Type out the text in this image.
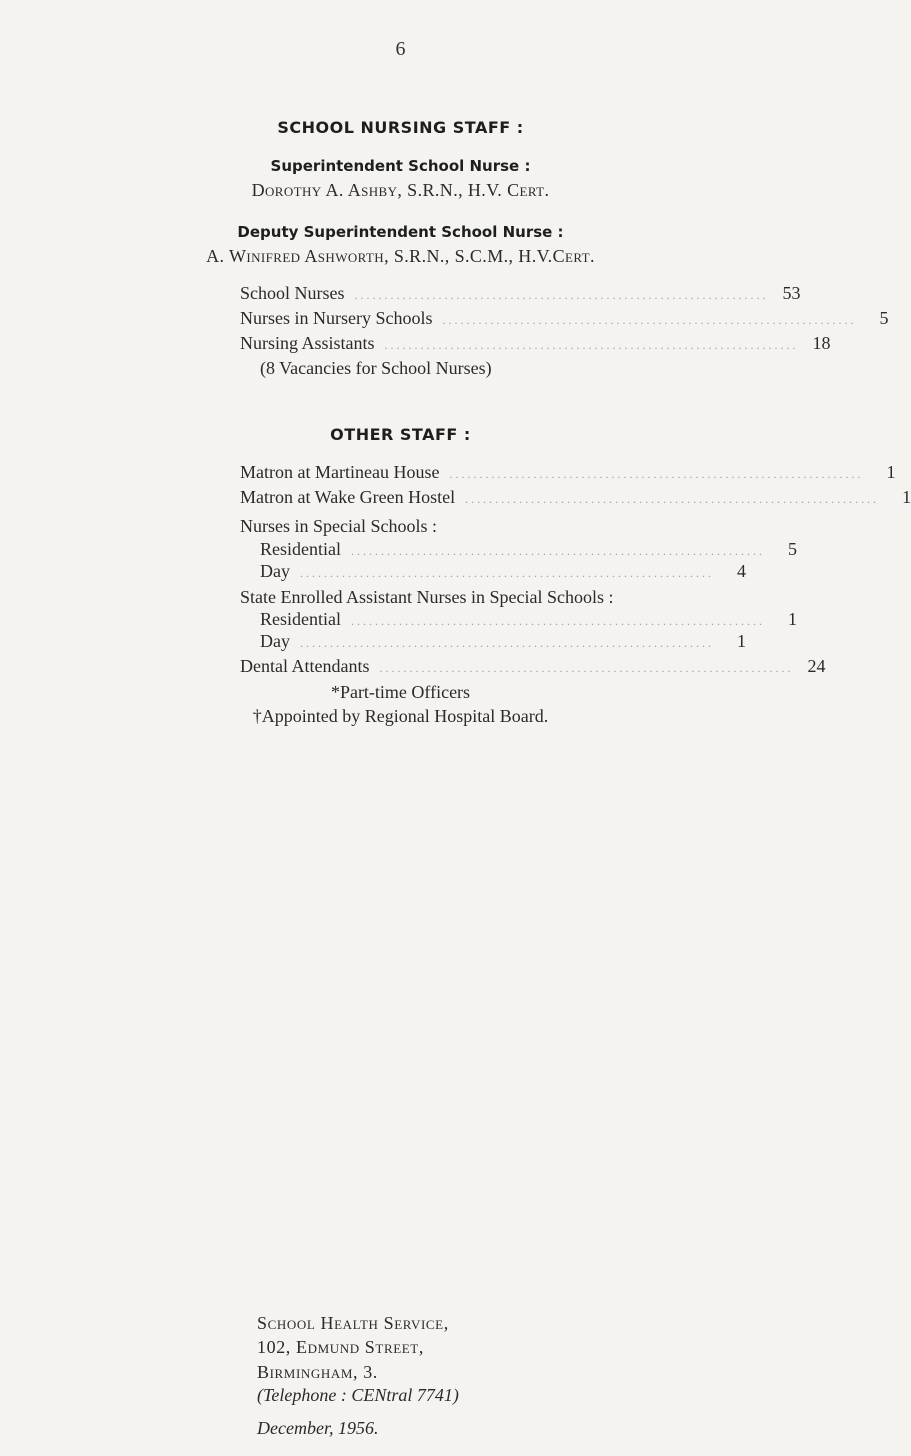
6
SCHOOL NURSING STAFF :
Superintendent School Nurse :
Dorothy A. Ashby, S.R.N., H.V. Cert.
Deputy Superintendent School Nurse :
A. Winifred Ashworth, S.R.N., S.C.M., H.V.Cert.
School Nurses ..................................................................... 53
Nurses in Nursery Schools .....................................................................	5
Nursing Assistants ..................................................................... 18
(8 Vacancies for School Nurses)
OTHER STAFF :
Matron at Martineau House .....................................................................	1
Matron at Wake Green Hostel .....................................................................	1
Nurses in Special Schools :
Residential .....................................................................	5
Day .....................................................................	4
State Enrolled Assistant Nurses in Special Schools :
Residential .....................................................................	1
Day .....................................................................	1
Dental Attendants ..................................................................... 24
*Part-time Officers
†Appointed by Regional Hospital Board.
School Health Service,
102, Edmund Street,
Birmingham, 3.
(Telephone : CENtral 7741)
December, 1956.
